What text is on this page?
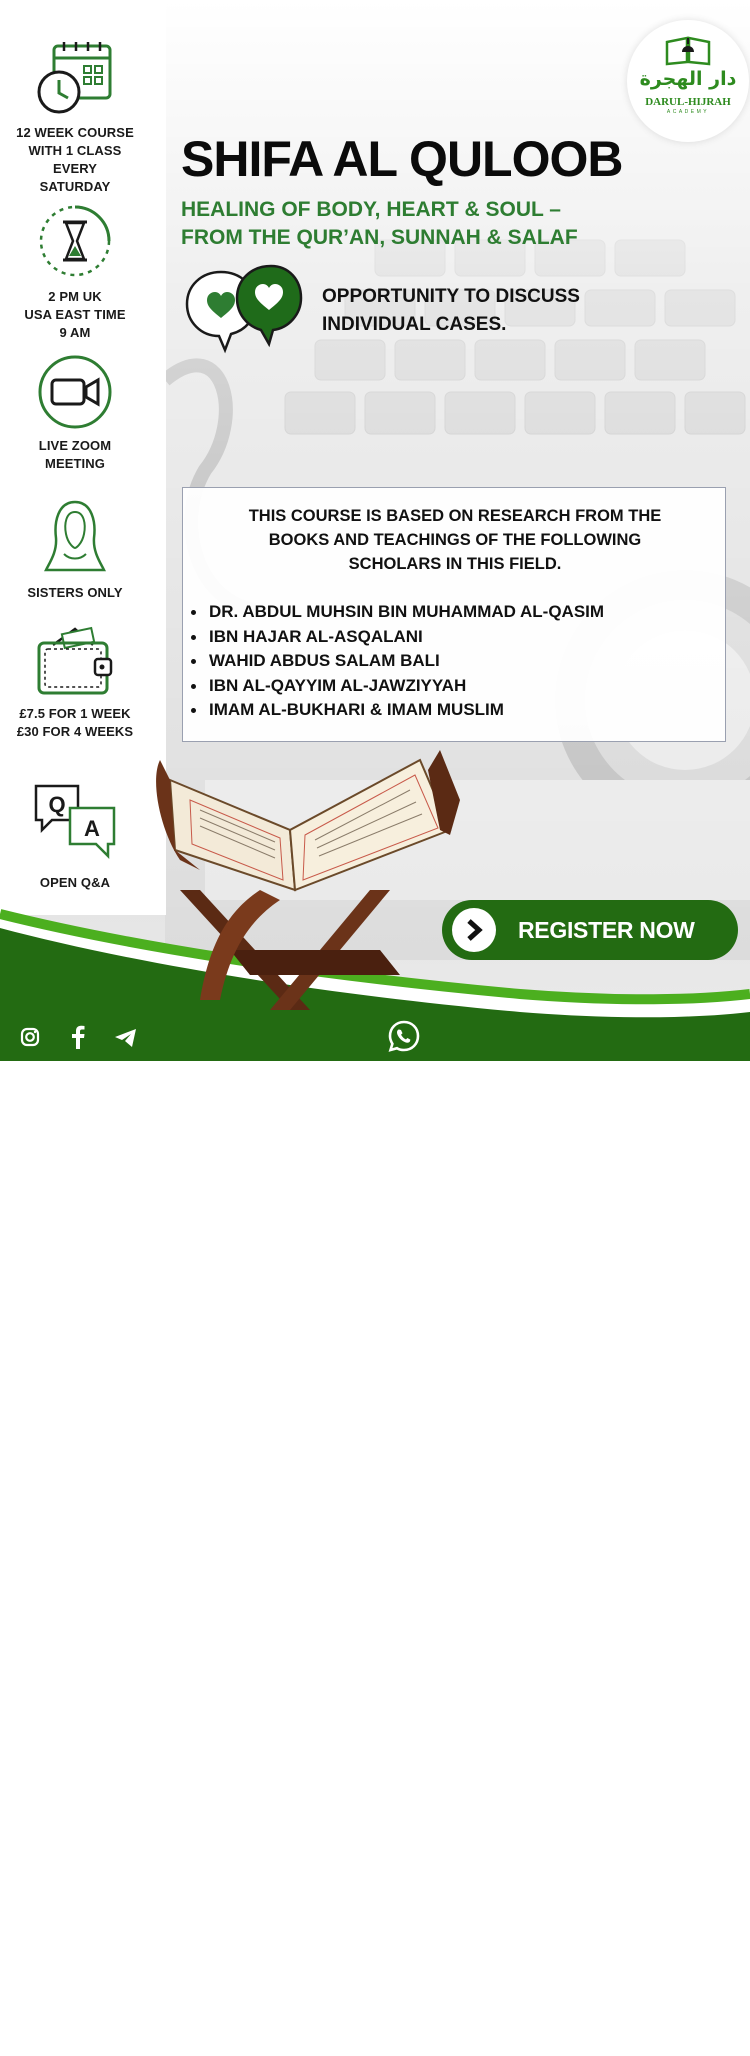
12 WEEK COURSE
WITH 1 CLASS
EVERY
SATURDAY
2 PM UK
USA EAST TIME
9 AM
LIVE ZOOM
MEETING
SISTERS ONLY
£7.5 FOR 1 WEEK
£30 FOR 4 WEEKS
Q
A
OPEN Q&A
دار الهجرة
DARUL-HIJRAH
ACADEMY
SHIFA AL QULOOB

HEALING OF BODY, HEART & SOUL –
FROM THE QUR’AN, SUNNAH & SALAF

OPPORTUNITY TO DISCUSS
INDIVIDUAL CASES.
THIS COURSE IS BASED ON RESEARCH FROM THE
BOOKS AND TEACHINGS OF THE FOLLOWING
SCHOLARS IN THIS FIELD.
DR. ABDUL MUHSIN BIN MUHAMMAD AL-QASIM
IBN HAJAR AL-ASQALANI
WAHID ABDUS SALAM BALI
IBN AL-QAYYIM AL-JAWZIYYAH
IMAM AL-BUKHARI & IMAM MUSLIM
REGISTER NOW
darulhijrahacademy	+44 7912356593
